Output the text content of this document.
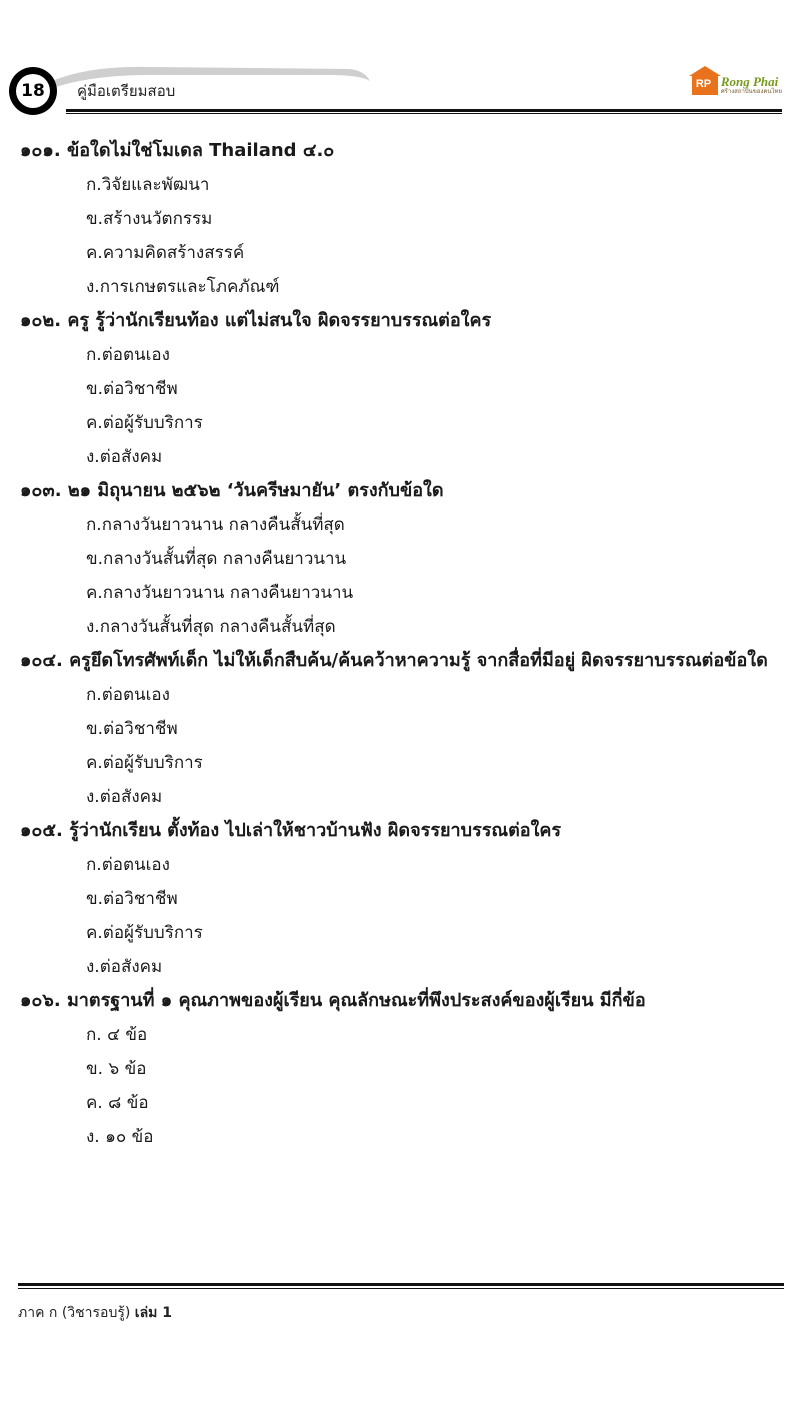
18	คู่มือเตรียมสอบ	RP Rong Phai
ศร้างสถาบันของคนไทย
๑๐๑. ข้อใดไม่ใช่โมเดล Thailand ๔.๐
ก.วิจัยและพัฒนา
ข.สร้างนวัตกรรม
ค.ความคิดสร้างสรรค์
ง.การเกษตรและโภคภัณฑ์
๑๐๒. ครู รู้ว่านักเรียนท้อง แต่ไม่สนใจ ผิดจรรยาบรรณต่อใคร
ก.ต่อตนเอง
ข.ต่อวิชาชีพ
ค.ต่อผู้รับบริการ
ง.ต่อสังคม
๑๐๓. ๒๑ มิถุนายน ๒๕๖๒ ‘วันครีษมายัน’ ตรงกับข้อใด
ก.กลางวันยาวนาน กลางคืนสั้นที่สุด
ข.กลางวันสั้นที่สุด กลางคืนยาวนาน
ค.กลางวันยาวนาน กลางคืนยาวนาน
ง.กลางวันสั้นที่สุด กลางคืนสั้นที่สุด
๑๐๔. ครูยึดโทรศัพท์เด็ก ไม่ให้เด็กสืบค้น/ค้นคว้าหาความรู้ จากสื่อที่มีอยู่ ผิดจรรยาบรรณต่อข้อใด
ก.ต่อตนเอง
ข.ต่อวิชาชีพ
ค.ต่อผู้รับบริการ
ง.ต่อสังคม
๑๐๕. รู้ว่านักเรียน ตั้งท้อง ไปเล่าให้ชาวบ้านฟัง ผิดจรรยาบรรณต่อใคร
ก.ต่อตนเอง
ข.ต่อวิชาชีพ
ค.ต่อผู้รับบริการ
ง.ต่อสังคม
๑๐๖. มาตรฐานที่ ๑ คุณภาพของผู้เรียน คุณลักษณะที่พึงประสงค์ของผู้เรียน มีกี่ข้อ
ก. ๔ ข้อ
ข. ๖ ข้อ
ค. ๘ ข้อ
ง. ๑๐ ข้อ
ภาค ก (วิชารอบรู้) เล่ม 1
